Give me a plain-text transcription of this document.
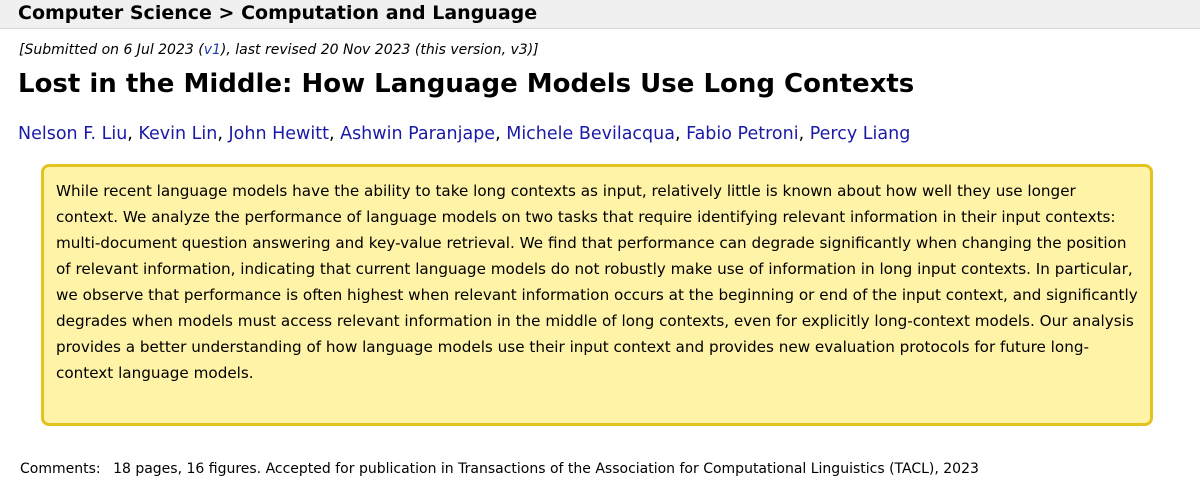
Computer Science > Computation and Language
[Submitted on 6 Jul 2023 (v1), last revised 20 Nov 2023 (this version, v3)]
Lost in the Middle: How Language Models Use Long Contexts
Nelson F. Liu, Kevin Lin, John Hewitt, Ashwin Paranjape, Michele Bevilacqua, Fabio Petroni, Percy Liang

While recent language models have the ability to take long contexts as input, relatively little is known about how well they use longer context. We analyze the performance of language models on two tasks that require identifying relevant information in their input contexts: multi-document question answering and key-value retrieval. We find that performance can degrade significantly when changing the position of relevant information, indicating that current language models do not robustly make use of information in long input contexts. In particular, we observe that performance is often highest when relevant information occurs at the beginning or end of the input context, and significantly degrades when models must access relevant information in the middle of long contexts, even for explicitly long-context models. Our analysis provides a better understanding of how language models use their input context and provides new evaluation protocols for future long-context language models.

Comments: 18 pages, 16 figures. Accepted for publication in Transactions of the Association for Computational Linguistics (TACL), 2023
